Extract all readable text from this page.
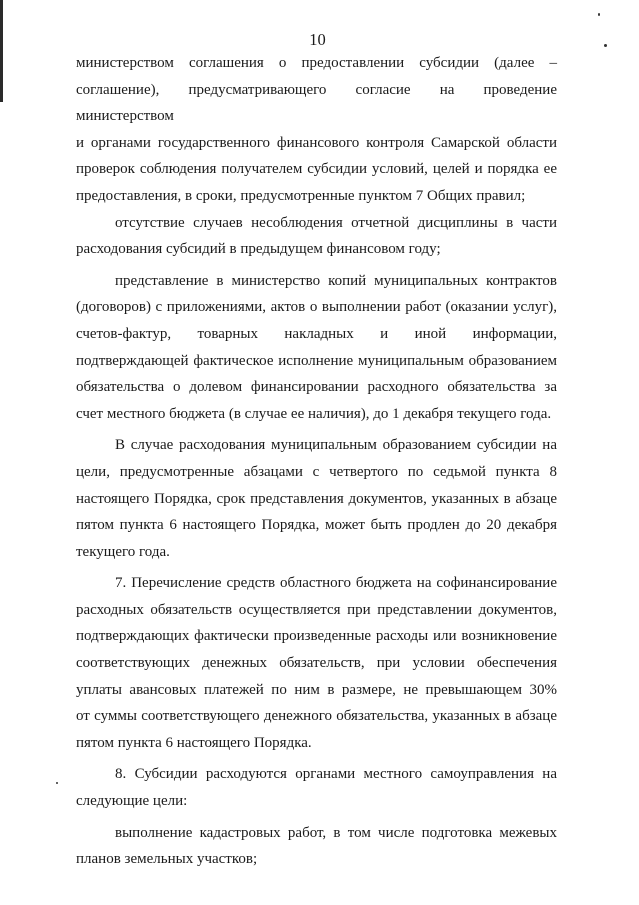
10

министерством соглашения о предоставлении субсидии (далее –
соглашение), предусматривающего согласие на проведение министерством
и органами государственного финансового контроля Самарской области
проверок соблюдения получателем субсидии условий, целей и порядка ее
предоставления, в сроки, предусмотренные пунктом 7 Общих правил;

отсутствие случаев несоблюдения отчетной дисциплины в части
расходования субсидий в предыдущем финансовом году;

представление в министерство копий муниципальных контрактов
(договоров) с приложениями, актов о выполнении работ (оказании услуг),
счетов-фактур, товарных накладных и иной информации,
подтверждающей фактическое исполнение муниципальным образованием
обязательства о долевом финансировании расходного обязательства за
счет местного бюджета (в случае ее наличия), до 1 декабря текущего года.

В случае расходования муниципальным образованием субсидии на
цели, предусмотренные абзацами с четвертого по седьмой пункта 8
настоящего Порядка, срок представления документов, указанных в абзаце
пятом пункта 6 настоящего Порядка, может быть продлен до 20 декабря
текущего года.

7. Перечисление средств областного бюджета на софинансирование
расходных обязательств осуществляется при представлении документов,
подтверждающих фактически произведенные расходы или возникновение
соответствующих денежных обязательств, при условии обеспечения
уплаты авансовых платежей по ним в размере, не превышающем 30%
от суммы соответствующего денежного обязательства, указанных в абзаце
пятом пункта 6 настоящего Порядка.

8. Субсидии расходуются органами местного самоуправления на
следующие цели:

выполнение кадастровых работ, в том числе подготовка межевых
планов земельных участков;
